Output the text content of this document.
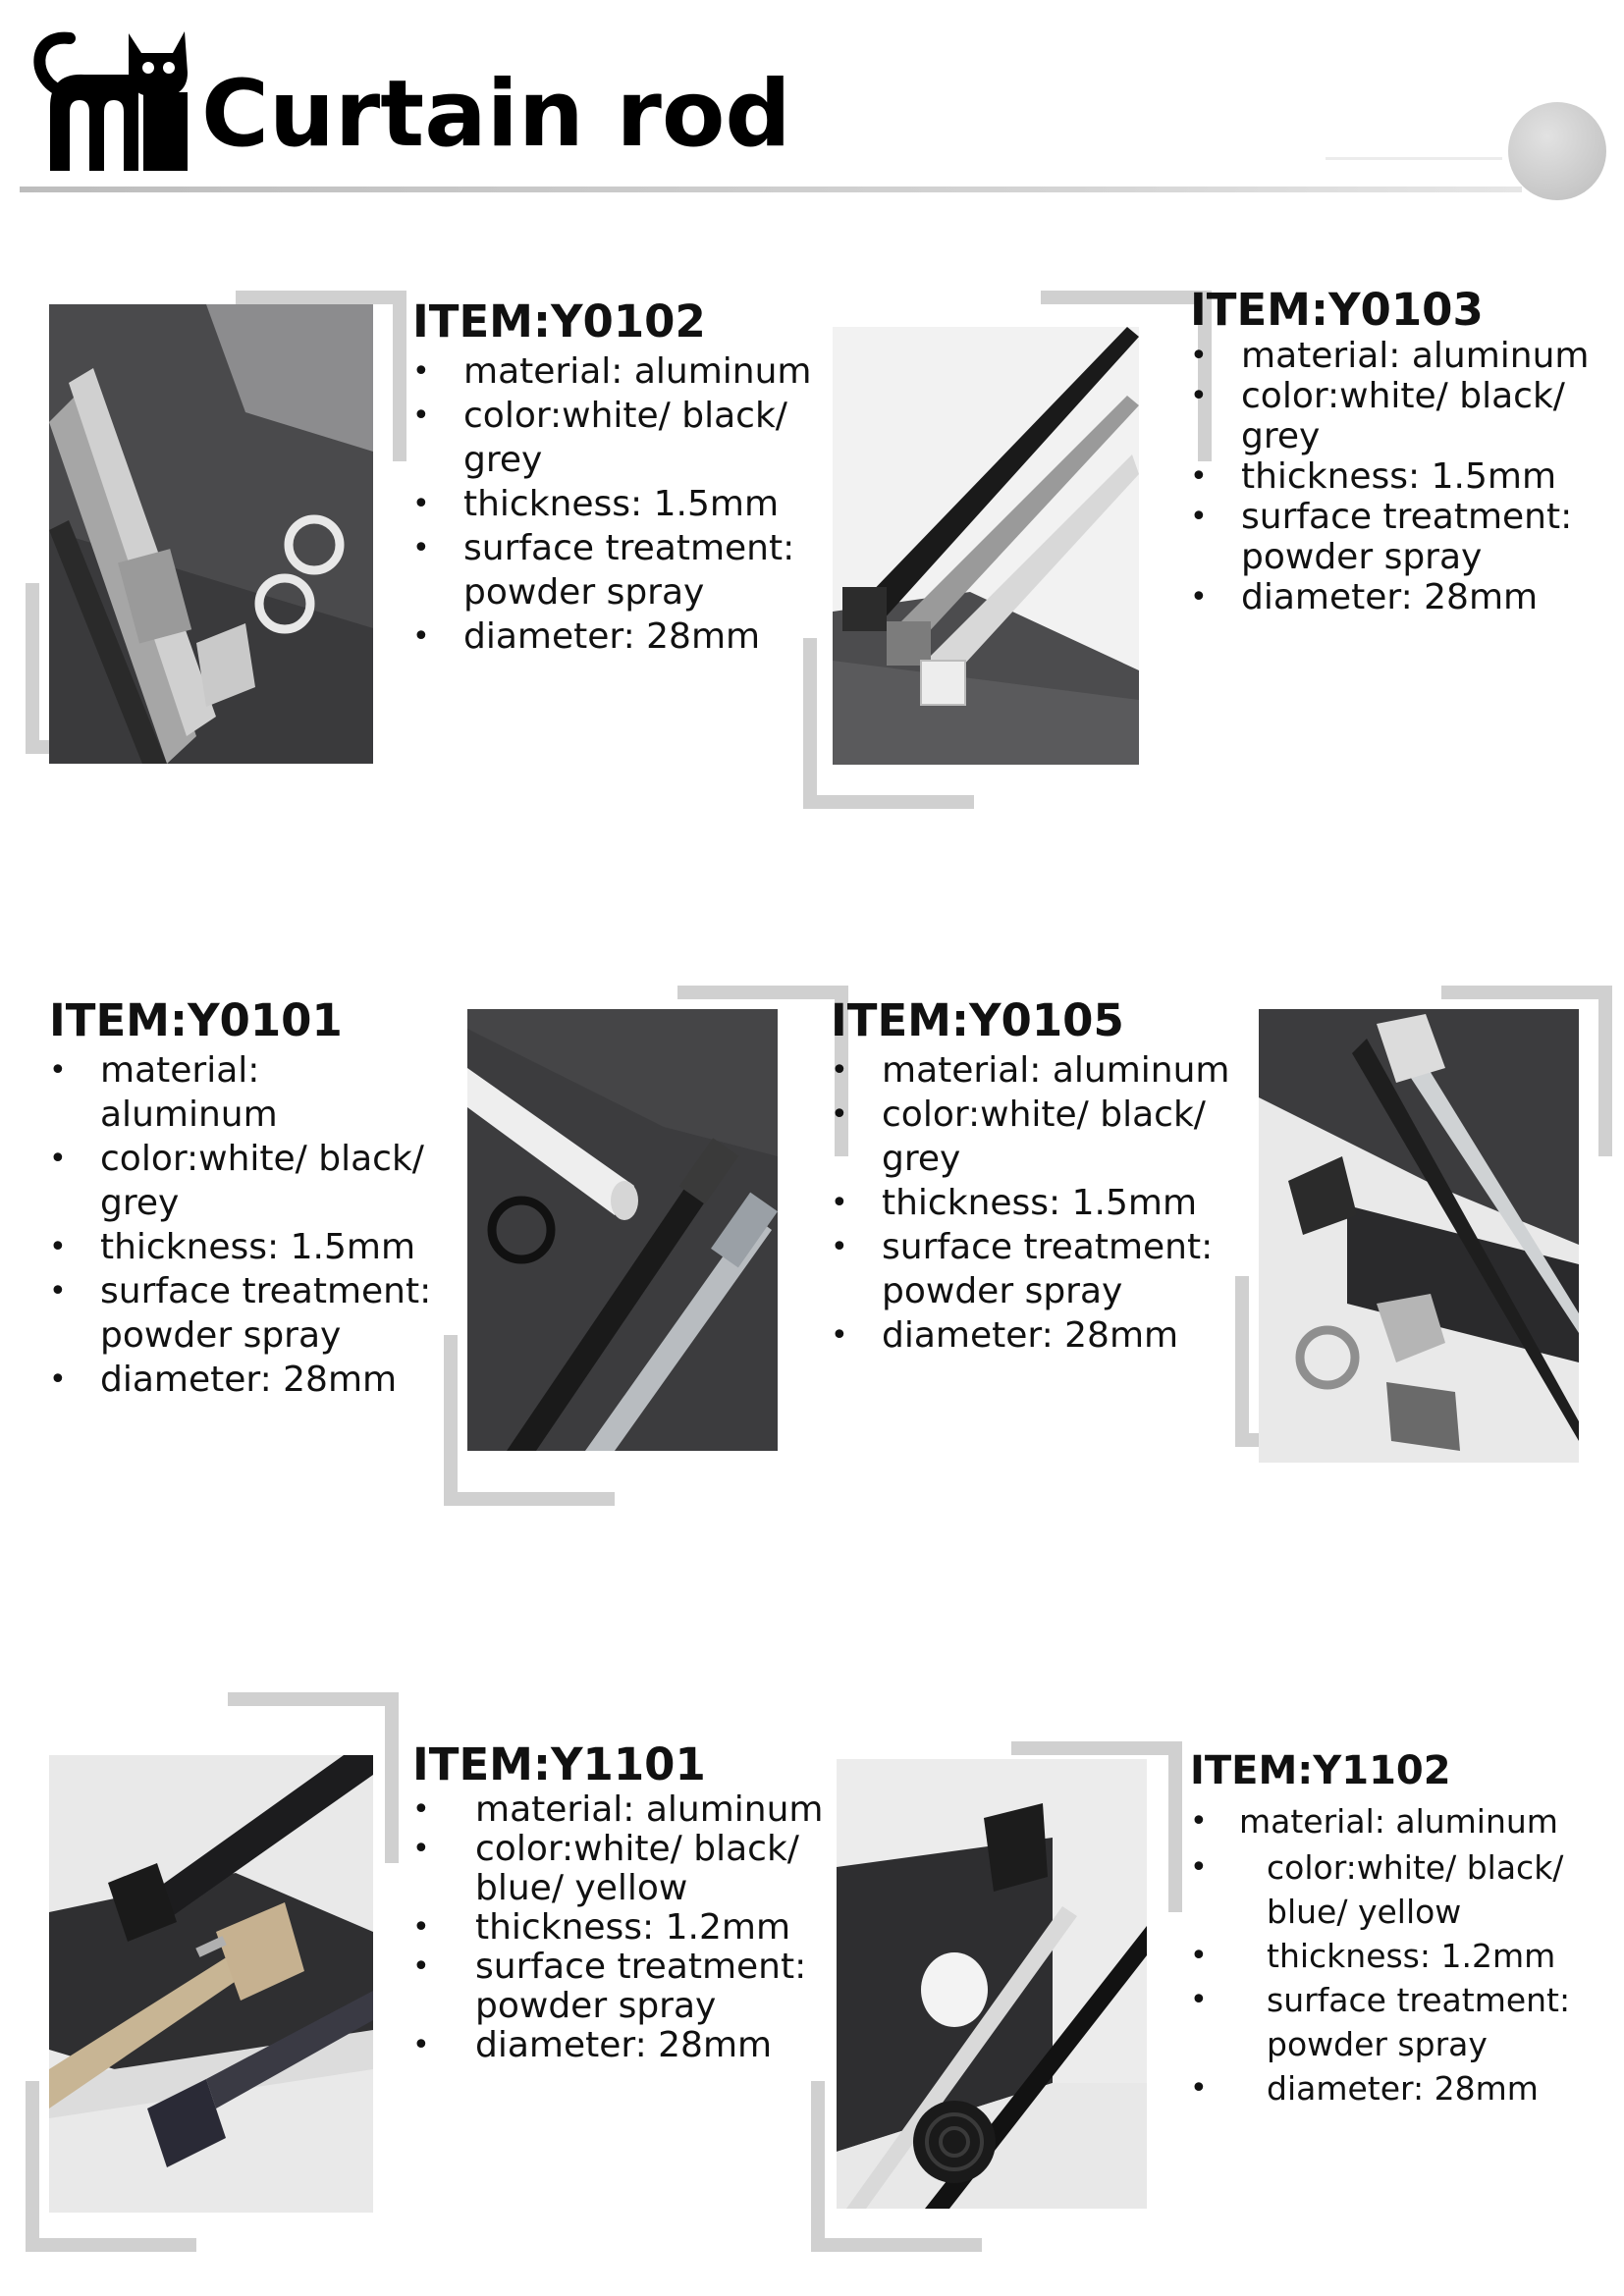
Curtain rod
ITEM:Y0102
• material: aluminum
• color:white/ black/ grey
• thickness: 1.5mm
• surface treatment: powder spray
• diameter: 28mm
ITEM:Y0103
• material: aluminum
• color:white/ black/ grey
• thickness: 1.5mm
• surface treatment: powder spray
• diameter: 28mm
ITEM:Y0101
• material: aluminum
• color:white/ black/ grey
• thickness: 1.5mm
• surface treatment: powder spray
• diameter: 28mm
ITEM:Y0105
• material: aluminum
• color:white/ black/ grey
• thickness: 1.5mm
• surface treatment: powder spray
• diameter: 28mm
ITEM:Y1101
• material: aluminum
• color:white/ black/ blue/ yellow
• thickness: 1.2mm
• surface treatment: powder spray
• diameter: 28mm
ITEM:Y1102
• material: aluminum
• color:white/ black/ blue/ yellow
• thickness: 1.2mm
• surface treatment: powder spray
• diameter: 28mm
